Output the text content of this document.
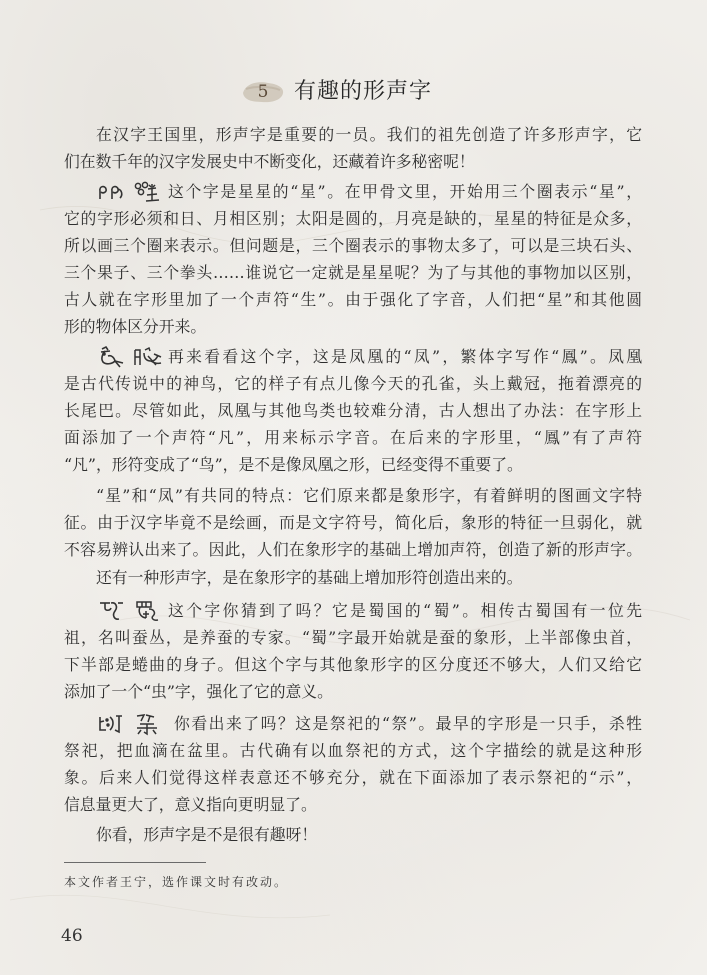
5	有趣的形声字
在汉字王国里，形声字是重要的一员。我们的祖先创造了许多形声字，它
们在数千年的汉字发展史中不断变化，还藏着许多秘密呢！
这个字是星星的“星”。在甲骨文里，开始用三个圈表示“星”，
它的字形必须和日、月相区别；太阳是圆的，月亮是缺的，星星的特征是众多，
所以画三个圈来表示。但问题是，三个圈表示的事物太多了，可以是三块石头、
三个果子、三个拳头……谁说它一定就是星星呢？为了与其他的事物加以区别，
古人就在字形里加了一个声符“生”。由于强化了字音，人们把“星”和其他圆
形的物体区分开来。
再来看看这个字，这是凤凰的“凤”，繁体字写作“鳳”。凤凰
是古代传说中的神鸟，它的样子有点儿像今天的孔雀，头上戴冠，拖着漂亮的
长尾巴。尽管如此，凤凰与其他鸟类也较难分清，古人想出了办法：在字形上
面添加了一个声符“凡”，用来标示字音。在后来的字形里，“鳳”有了声符
“凡”，形符变成了“鸟”，是不是像凤凰之形，已经变得不重要了。
“星”和“凤”有共同的特点：它们原来都是象形字，有着鲜明的图画文字特
征。由于汉字毕竟不是绘画，而是文字符号，简化后，象形的特征一旦弱化，就
不容易辨认出来了。因此，人们在象形字的基础上增加声符，创造了新的形声字。
还有一种形声字，是在象形字的基础上增加形符创造出来的。
这个字你猜到了吗？它是蜀国的“蜀”。相传古蜀国有一位先
祖，名叫蚕丛，是养蚕的专家。“蜀”字最开始就是蚕的象形，上半部像虫首，
下半部是蜷曲的身子。但这个字与其他象形字的区分度还不够大，人们又给它
添加了一个“虫”字，强化了它的意义。
你看出来了吗？这是祭祀的“祭”。最早的字形是一只手，杀牲
祭祀，把血滴在盆里。古代确有以血祭祀的方式，这个字描绘的就是这种形
象。后来人们觉得这样表意还不够充分，就在下面添加了表示祭祀的“示”，
信息量更大了，意义指向更明显了。
你看，形声字是不是很有趣呀！
本文作者王宁，选作课文时有改动。
46
